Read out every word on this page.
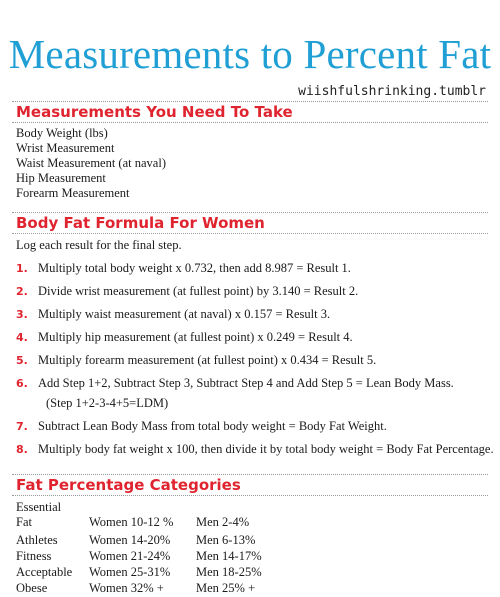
Measurements to Percent Fat
wiishfulshrinking.tumblr
Measurements You Need To Take
Body Weight (lbs)
Wrist Measurement
Waist Measurement (at naval)
Hip Measurement
Forearm Measurement
Body Fat Formula For Women
Log each result for the final step.
1. Multiply total body weight x 0.732, then add 8.987 = Result 1.
2. Divide wrist measurement (at fullest point) by 3.140 = Result 2.
3. Multiply waist measurement (at naval) x 0.157 = Result 3.
4. Multiply hip measurement (at fullest point) x 0.249 = Result 4.
5. Multiply forearm measurement (at fullest point) x 0.434 = Result 5.
6. Add Step 1+2, Subtract Step 3, Subtract Step 4 and Add Step 5 = Lean Body Mass.
(Step 1+2-3-4+5=LDM)
7. Subtract Lean Body Mass from total body weight = Body Fat Weight.
8. Multiply body fat weight x 100, then divide it by total body weight = Body Fat Percentage.
Fat Percentage Categories
Essential
Fat	Women 10-12 % Men 2-4%
Athletes	Women 14-20% Men 6-13%
Fitness	Women 21-24% Men 14-17%
Acceptable Women 25-31% Men 18-25%
Obese	Women 32% +	Men 25% +
